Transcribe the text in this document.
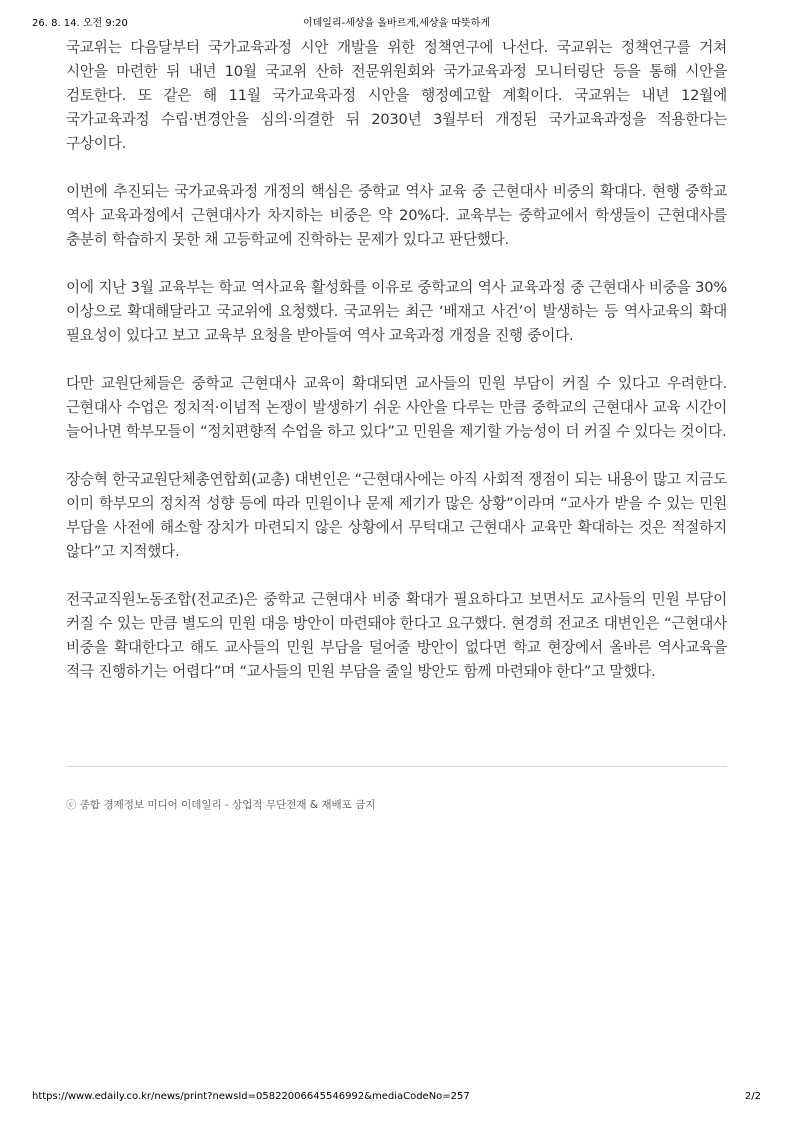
이데일리-세상을 올바르게,세상을 따뜻하게
26. 8. 14. 오전 9:20

국교위는 다음달부터 국가교육과정 시안 개발을 위한 정책연구에 나선다. 국교위는 정책연구를 거쳐 시안을 마련한 뒤 내년 10월 국교위 산하 전문위원회와 국가교육과정 모니터링단 등을 통해 시안을 검토한다. 또 같은 해 11월 국가교육과정 시안을 행정예고할 계획이다. 국교위는 내년 12월에 국가교육과정 수립·변경안을 심의·의결한 뒤 2030년 3월부터 개정된 국가교육과정을 적용한다는 구상이다.

이번에 추진되는 국가교육과정 개정의 핵심은 중학교 역사 교육 중 근현대사 비중의 확대다. 현행 중학교 역사 교육과정에서 근현대사가 차지하는 비중은 약 20%다. 교육부는 중학교에서 학생들이 근현대사를 충분히 학습하지 못한 채 고등학교에 진학하는 문제가 있다고 판단했다.

이에 지난 3월 교육부는 학교 역사교육 활성화를 이유로 중학교의 역사 교육과정 중 근현대사 비중을 30% 이상으로 확대해달라고 국교위에 요청했다. 국교위는 최근 ‘배재고 사건’이 발생하는 등 역사교육의 확대 필요성이 있다고 보고 교육부 요청을 받아들여 역사 교육과정 개정을 진행 중이다.

다만 교원단체들은 중학교 근현대사 교육이 확대되면 교사들의 민원 부담이 커질 수 있다고 우려한다. 근현대사 수업은 정치적·이념적 논쟁이 발생하기 쉬운 사안을 다루는 만큼 중학교의 근현대사 교육 시간이 늘어나면 학부모들이 “정치편향적 수업을 하고 있다”고 민원을 제기할 가능성이 더 커질 수 있다는 것이다.

장승혁 한국교원단체총연합회(교총) 대변인은 “근현대사에는 아직 사회적 쟁점이 되는 내용이 많고 지금도 이미 학부모의 정치적 성향 등에 따라 민원이나 문제 제기가 많은 상황”이라며 “교사가 받을 수 있는 민원 부담을 사전에 해소할 장치가 마련되지 않은 상황에서 무턱대고 근현대사 교육만 확대하는 것은 적절하지 않다”고 지적했다.

전국교직원노동조합(전교조)은 중학교 근현대사 비중 확대가 필요하다고 보면서도 교사들의 민원 부담이 커질 수 있는 만큼 별도의 민원 대응 방안이 마련돼야 한다고 요구했다. 현경희 전교조 대변인은 “근현대사 비중을 확대한다고 해도 교사들의 민원 부담을 덜어줄 방안이 없다면 학교 현장에서 올바른 역사교육을 적극 진행하기는 어렵다”며 “교사들의 민원 부담을 줄일 방안도 함께 마련돼야 한다”고 말했다.

ⓒ 종합 경제정보 미디어 이데일리 - 상업적 무단전재 & 재배포 금지
https://www.edaily.co.kr/news/print?newsId=05822006645546992&mediaCodeNo=257	2/2
